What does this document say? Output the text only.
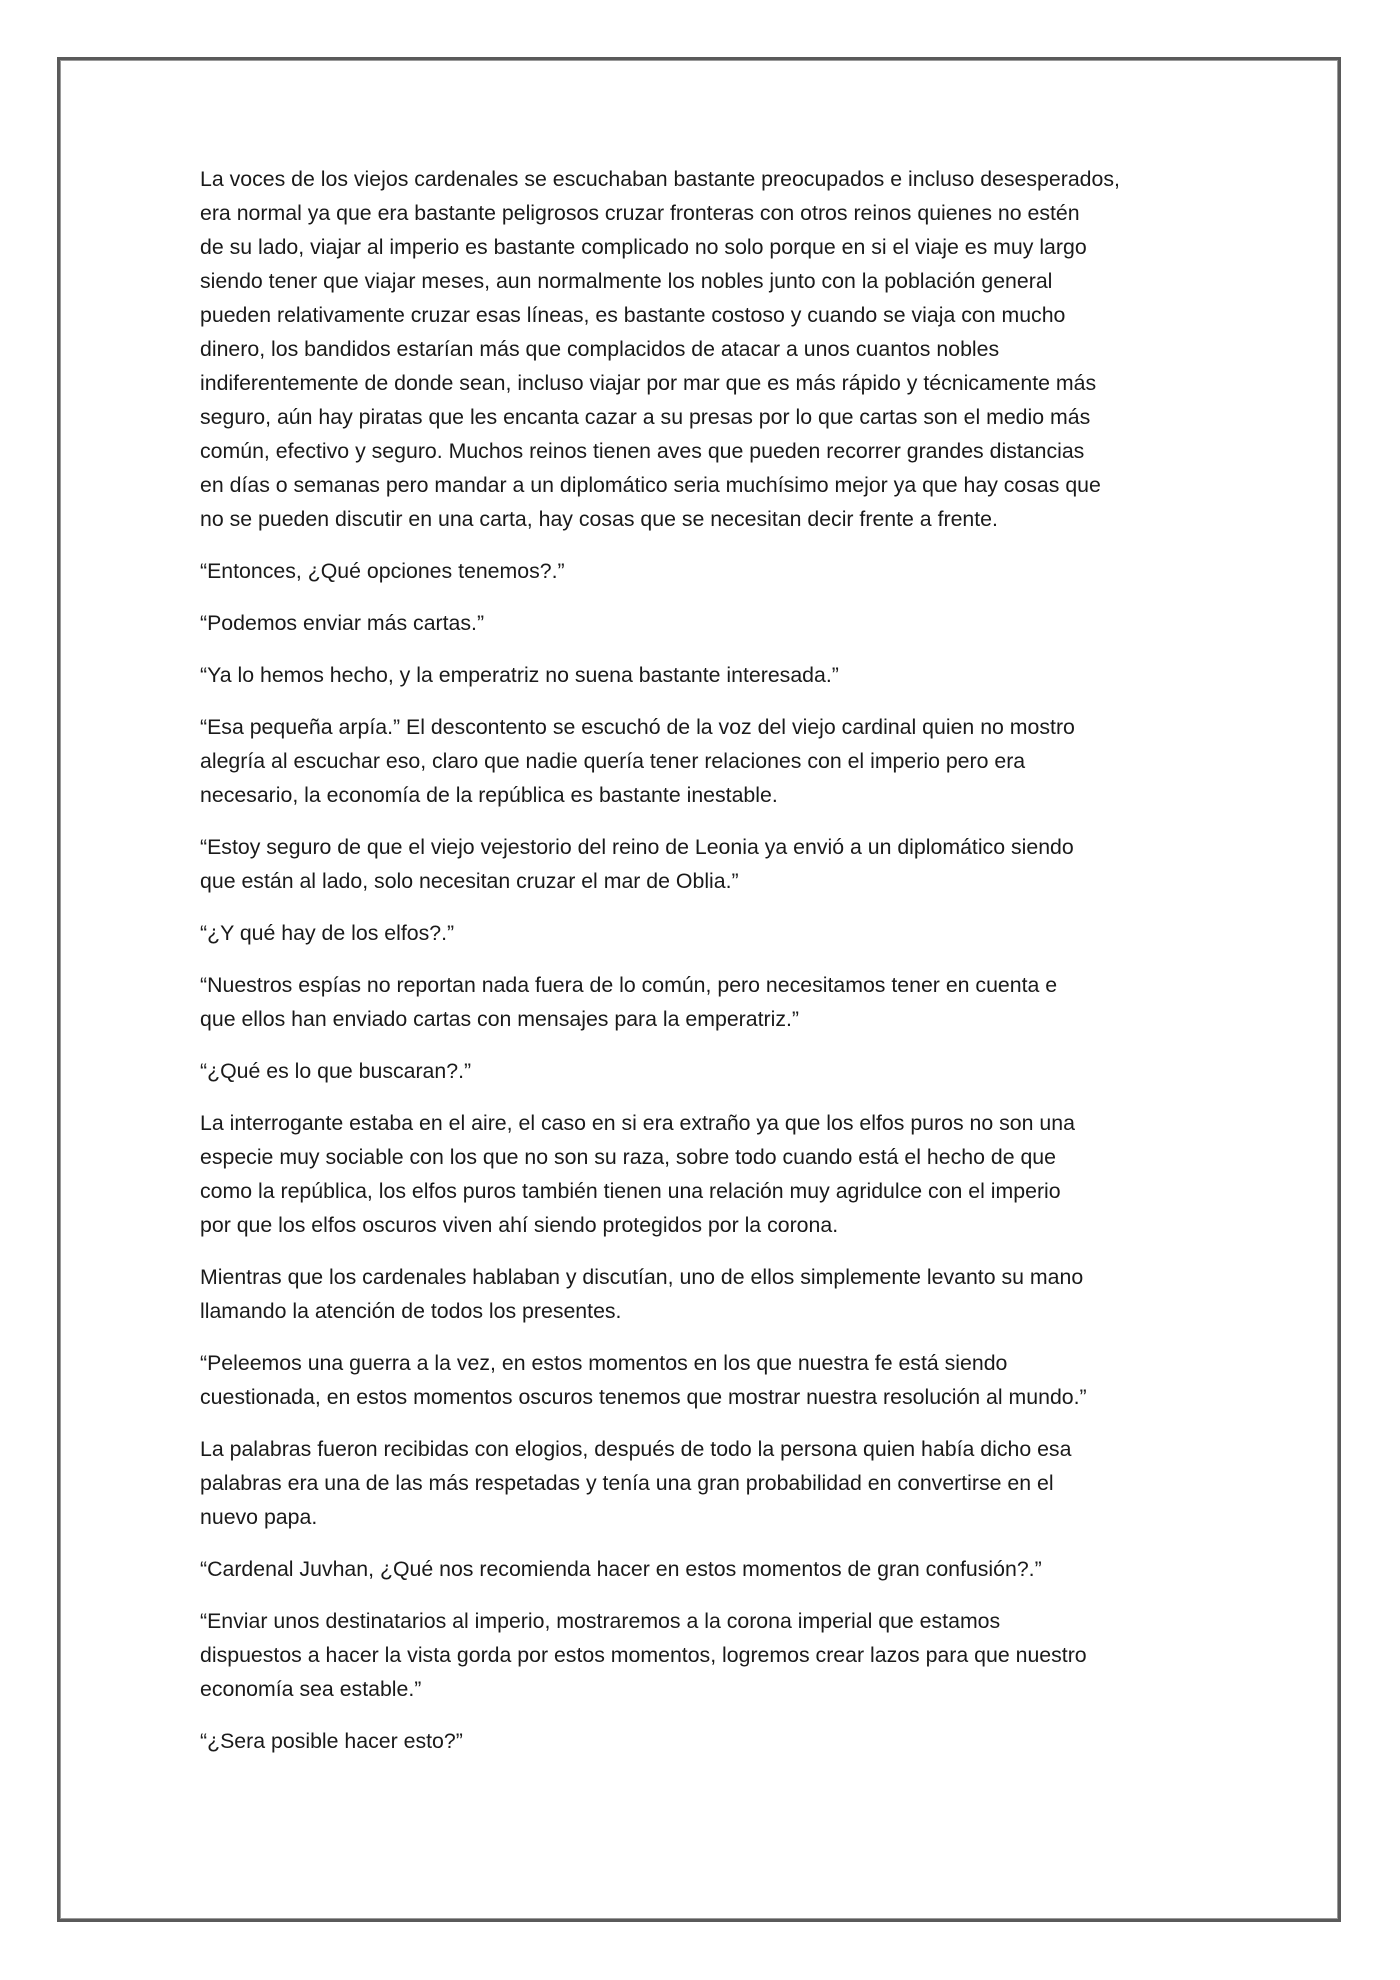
La voces de los viejos cardenales se escuchaban bastante preocupados e incluso desesperados,
era normal ya que era bastante peligrosos cruzar fronteras con otros reinos quienes no estén
de su lado, viajar al imperio es bastante complicado no solo porque en si el viaje es muy largo
siendo tener que viajar meses, aun normalmente los nobles junto con la población general
pueden relativamente cruzar esas líneas, es bastante costoso y cuando se viaja con mucho
dinero, los bandidos estarían más que complacidos de atacar a unos cuantos nobles
indiferentemente de donde sean, incluso viajar por mar que es más rápido y técnicamente más
seguro, aún hay piratas que les encanta cazar a su presas por lo que cartas son el medio más
común, efectivo y seguro. Muchos reinos tienen aves que pueden recorrer grandes distancias
en días o semanas pero mandar a un diplomático seria muchísimo mejor ya que hay cosas que
no se pueden discutir en una carta, hay cosas que se necesitan decir frente a frente.

“Entonces, ¿Qué opciones tenemos?.”

“Podemos enviar más cartas.”

“Ya lo hemos hecho, y la emperatriz no suena bastante interesada.”

“Esa pequeña arpía.” El descontento se escuchó de la voz del viejo cardinal quien no mostro
alegría al escuchar eso, claro que nadie quería tener relaciones con el imperio pero era
necesario, la economía de la república es bastante inestable.

“Estoy seguro de que el viejo vejestorio del reino de Leonia ya envió a un diplomático siendo
que están al lado, solo necesitan cruzar el mar de Oblia.”

“¿Y qué hay de los elfos?.”

“Nuestros espías no reportan nada fuera de lo común, pero necesitamos tener en cuenta e
que ellos han enviado cartas con mensajes para la emperatriz.”

“¿Qué es lo que buscaran?.”

La interrogante estaba en el aire, el caso en si era extraño ya que los elfos puros no son una
especie muy sociable con los que no son su raza, sobre todo cuando está el hecho de que
como la república, los elfos puros también tienen una relación muy agridulce con el imperio
por que los elfos oscuros viven ahí siendo protegidos por la corona.

Mientras que los cardenales hablaban y discutían, uno de ellos simplemente levanto su mano
llamando la atención de todos los presentes.

“Peleemos una guerra a la vez, en estos momentos en los que nuestra fe está siendo
cuestionada, en estos momentos oscuros tenemos que mostrar nuestra resolución al mundo.”

La palabras fueron recibidas con elogios, después de todo la persona quien había dicho esa
palabras era una de las más respetadas y tenía una gran probabilidad en convertirse en el
nuevo papa.

“Cardenal Juvhan, ¿Qué nos recomienda hacer en estos momentos de gran confusión?.”

“Enviar unos destinatarios al imperio, mostraremos a la corona imperial que estamos
dispuestos a hacer la vista gorda por estos momentos, logremos crear lazos para que nuestro
economía sea estable.”

“¿Sera posible hacer esto?”
